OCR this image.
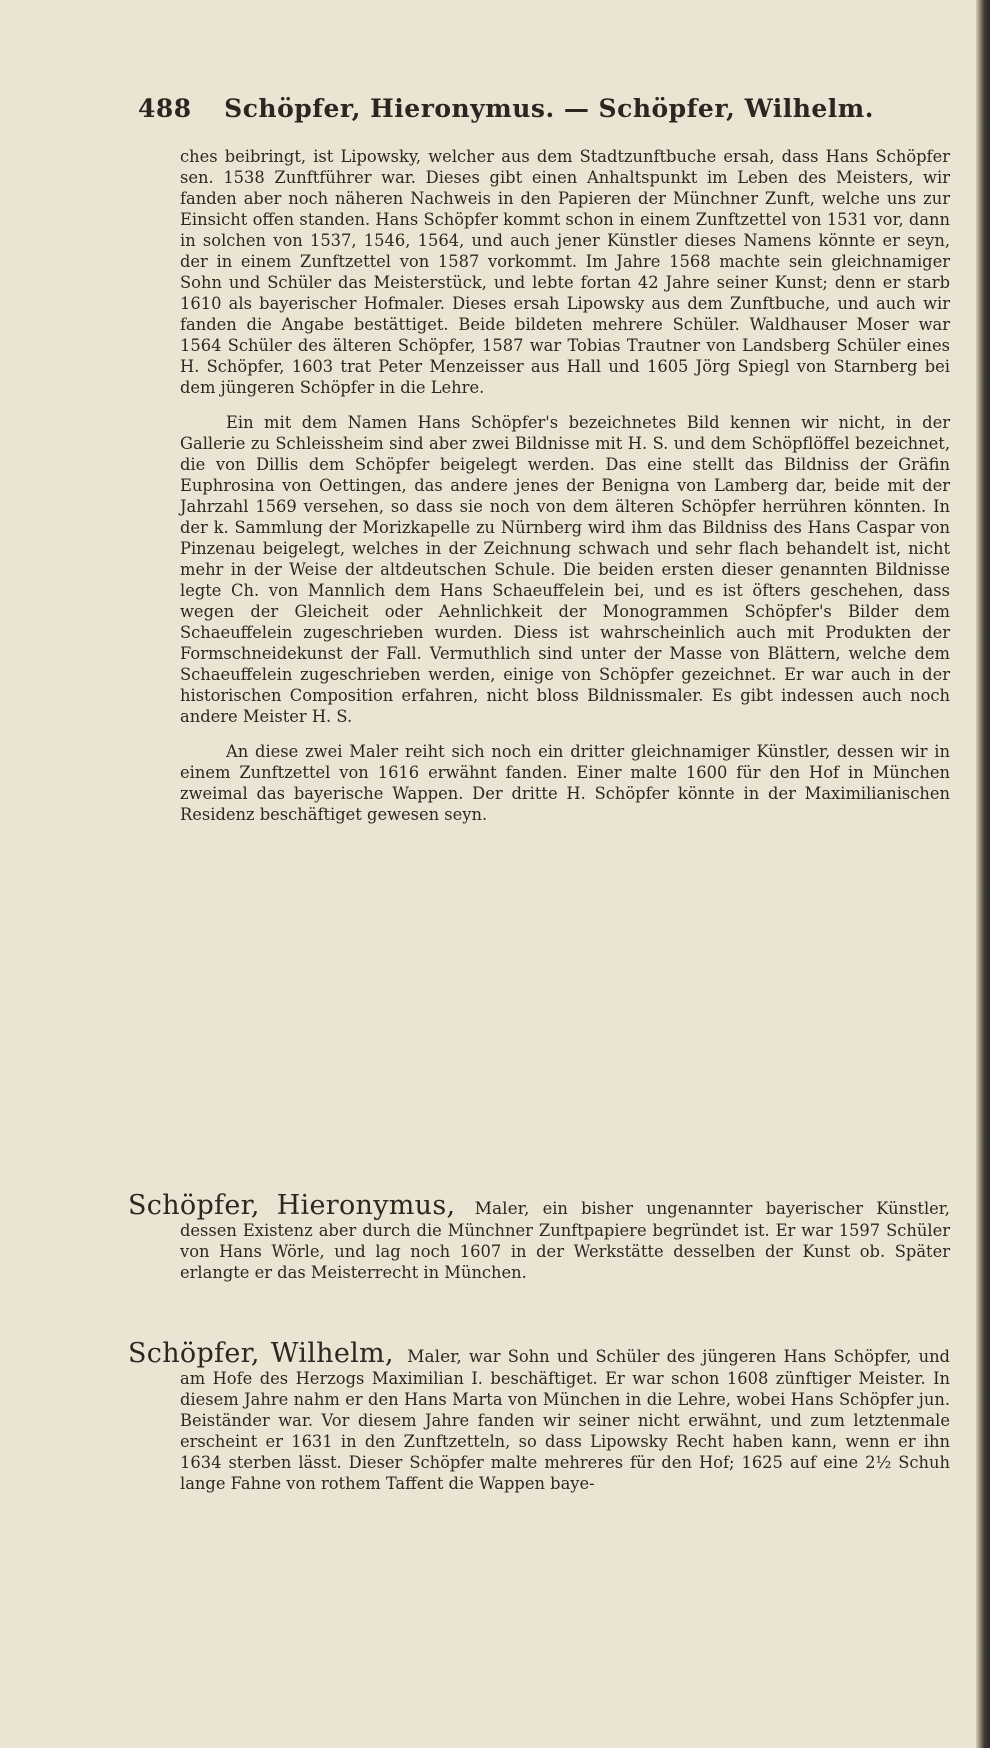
488 Schöpfer, Hieronymus. — Schöpfer, Wilhelm.

ches beibringt, ist Lipowsky, welcher aus dem Stadtzunftbuche ersah, dass Hans Schöpfer sen. 1538 Zunftführer war. Dieses gibt einen Anhaltspunkt im Leben des Meisters, wir fanden aber noch näheren Nachweis in den Papieren der Münchner Zunft, welche uns zur Einsicht offen standen. Hans Schöpfer kommt schon in einem Zunftzettel von 1531 vor, dann in solchen von 1537, 1546, 1564, und auch jener Künstler dieses Namens könnte er seyn, der in einem Zunftzettel von 1587 vorkommt. Im Jahre 1568 machte sein gleichnamiger Sohn und Schüler das Meisterstück, und lebte fortan 42 Jahre seiner Kunst; denn er starb 1610 als bayerischer Hofmaler. Dieses ersah Lipowsky aus dem Zunftbuche, und auch wir fanden die Angabe bestättiget. Beide bildeten mehrere Schüler. Waldhauser Moser war 1564 Schüler des älteren Schöpfer, 1587 war Tobias Trautner von Landsberg Schüler eines H. Schöpfer, 1603 trat Peter Menzeisser aus Hall und 1605 Jörg Spiegl von Starnberg bei dem jüngeren Schöpfer in die Lehre.

Ein mit dem Namen Hans Schöpfer's bezeichnetes Bild kennen wir nicht, in der Gallerie zu Schleissheim sind aber zwei Bildnisse mit H. S. und dem Schöpflöffel bezeichnet, die von Dillis dem Schöpfer beigelegt werden. Das eine stellt das Bildniss der Gräfin Euphrosina von Oettingen, das andere jenes der Benigna von Lamberg dar, beide mit der Jahrzahl 1569 versehen, so dass sie noch von dem älteren Schöpfer herrühren könnten. In der k. Sammlung der Morizkapelle zu Nürnberg wird ihm das Bildniss des Hans Caspar von Pinzenau beigelegt, welches in der Zeichnung schwach und sehr flach behandelt ist, nicht mehr in der Weise der altdeutschen Schule. Die beiden ersten dieser genannten Bildnisse legte Ch. von Mannlich dem Hans Schaeuffelein bei, und es ist öfters geschehen, dass wegen der Gleicheit oder Aehnlichkeit der Monogrammen Schöpfer's Bilder dem Schaeuffelein zugeschrieben wurden. Diess ist wahrscheinlich auch mit Produkten der Formschneidekunst der Fall. Vermuthlich sind unter der Masse von Blättern, welche dem Schaeuffelein zugeschrieben werden, einige von Schöpfer gezeichnet. Er war auch in der historischen Composition erfahren, nicht bloss Bildnissmaler. Es gibt indessen auch noch andere Meister H. S.

An diese zwei Maler reiht sich noch ein dritter gleichnamiger Künstler, dessen wir in einem Zunftzettel von 1616 erwähnt fanden. Einer malte 1600 für den Hof in München zweimal das bayerische Wappen. Der dritte H. Schöpfer könnte in der Maximilianischen Residenz beschäftiget gewesen seyn.

Schöpfer, Hieronymus, Maler, ein bisher ungenannter bayerischer Künstler, dessen Existenz aber durch die Münchner Zunftpapiere begründet ist. Er war 1597 Schüler von Hans Wörle, und lag noch 1607 in der Werkstätte desselben der Kunst ob. Später erlangte er das Meisterrecht in München.
Schöpfer, Wilhelm, Maler, war Sohn und Schüler des jüngeren Hans Schöpfer, und am Hofe des Herzogs Maximilian I. beschäftiget. Er war schon 1608 zünftiger Meister. In diesem Jahre nahm er den Hans Marta von München in die Lehre, wobei Hans Schöpfer jun. Beiständer war. Vor diesem Jahre fanden wir seiner nicht erwähnt, und zum letztenmale erscheint er 1631 in den Zunftzetteln, so dass Lipowsky Recht haben kann, wenn er ihn 1634 sterben lässt. Dieser Schöpfer malte mehreres für den Hof; 1625 auf eine 2½ Schuh lange Fahne von rothem Taffent die Wappen baye-
